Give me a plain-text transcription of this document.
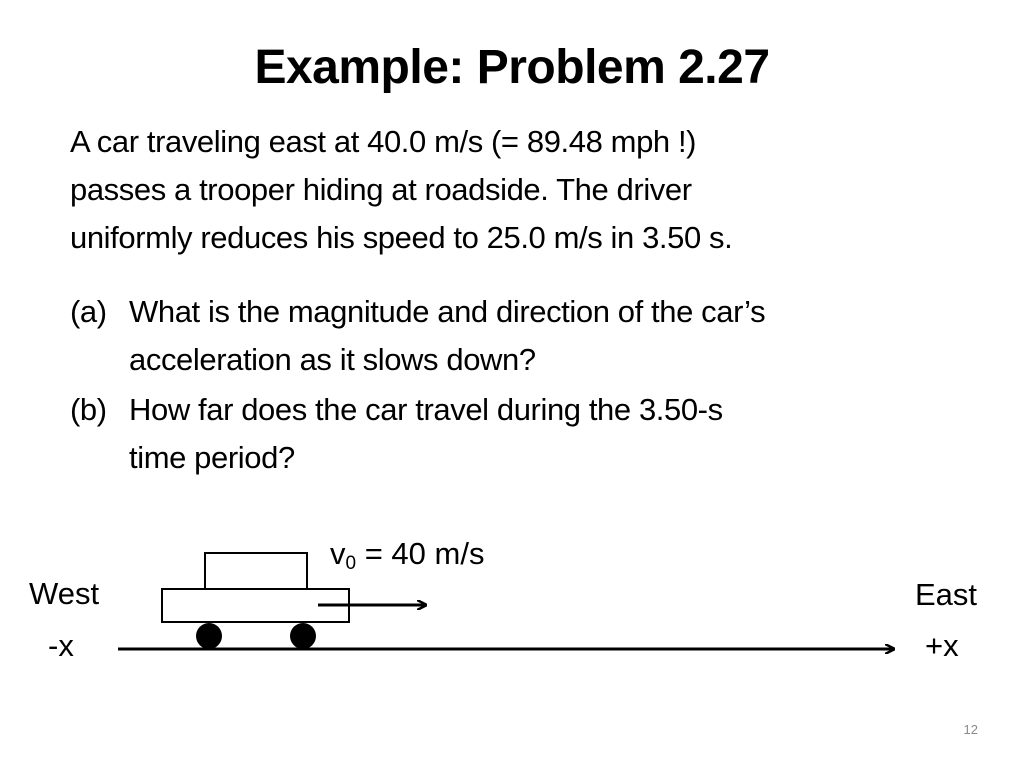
Example: Problem 2.27
A car traveling east at 40.0 m/s (= 89.48 mph !)
passes a trooper hiding at roadside. The driver
uniformly reduces his speed to 25.0 m/s in 3.50 s.
(a) What is the magnitude and direction of the car’s
acceleration as it slows down?
(b) How far does the car travel during the 3.50-s
time period?
$v_0 = 40$ m/s
West
-x
East
+x
12
